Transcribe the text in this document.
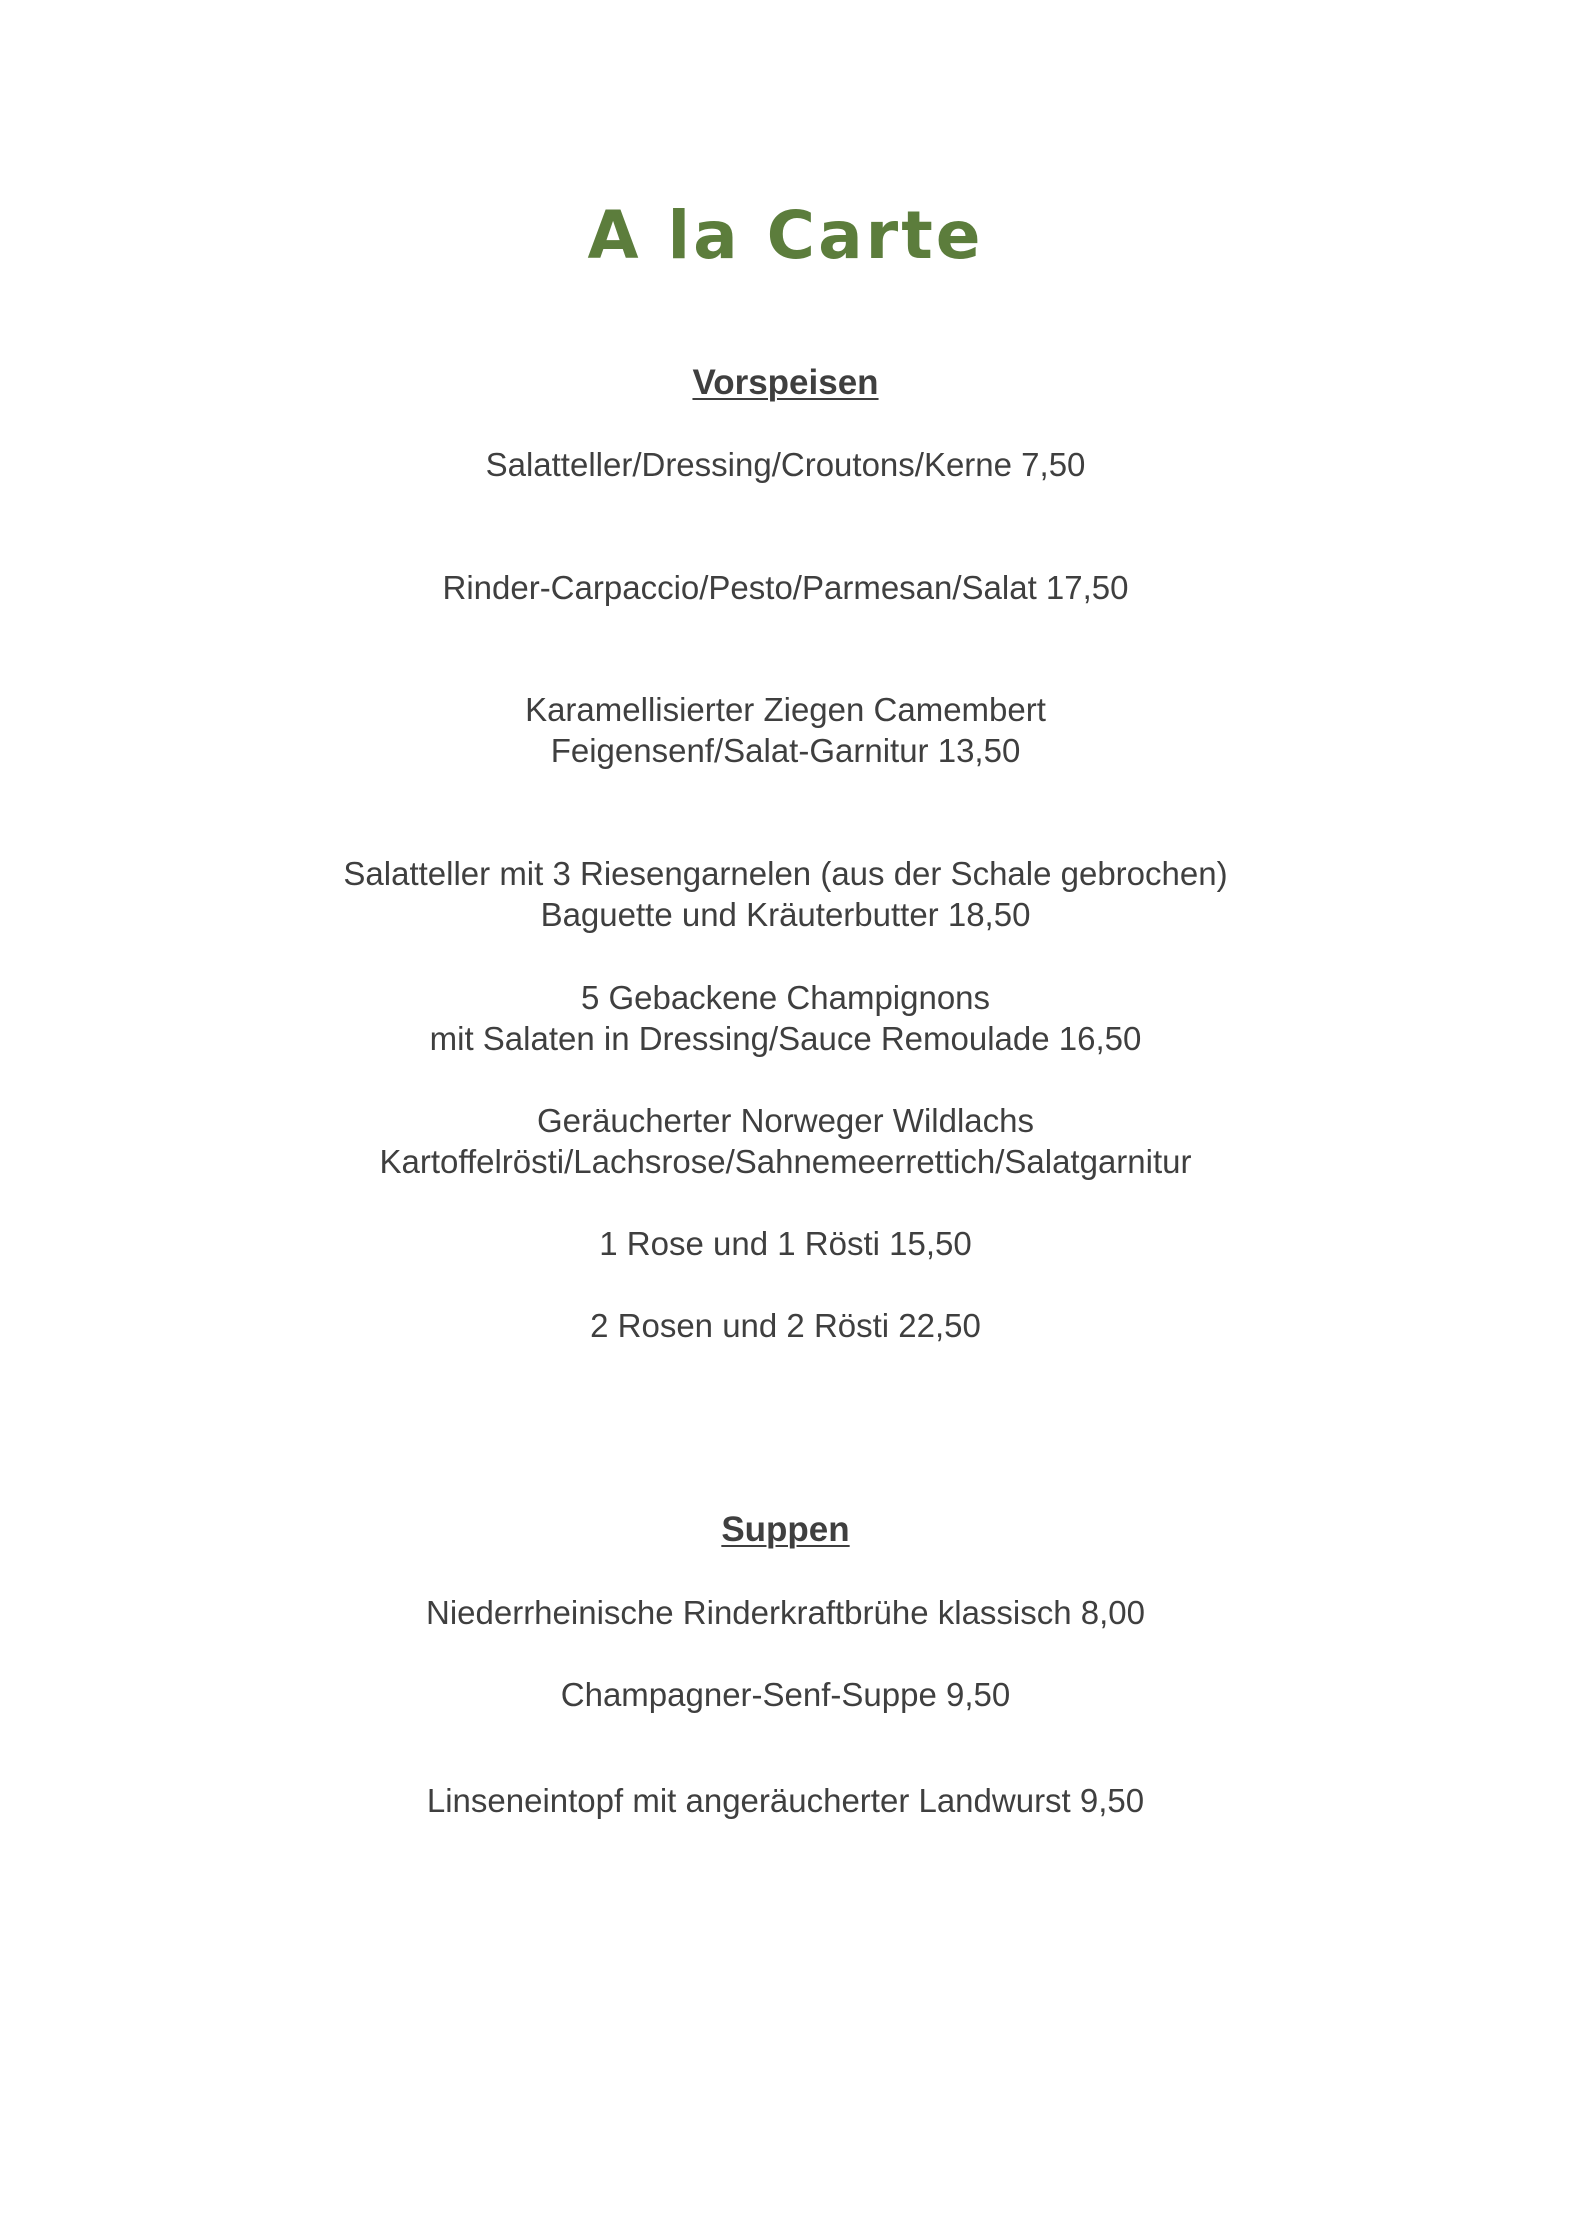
A la Carte
Vorspeisen
Salatteller/Dressing/Croutons/Kerne 7,50
Rinder-Carpaccio/Pesto/Parmesan/Salat 17,50
Karamellisierter Ziegen Camembert
Feigensenf/Salat-Garnitur 13,50
Salatteller mit 3 Riesengarnelen (aus der Schale gebrochen)
Baguette und Kräuterbutter 18,50
5 Gebackene Champignons
mit Salaten in Dressing/Sauce Remoulade 16,50
Geräucherter Norweger Wildlachs
Kartoffelrösti/Lachsrose/Sahnemeerrettich/Salatgarnitur
1 Rose und 1 Rösti 15,50
2 Rosen und 2 Rösti 22,50
Suppen
Niederrheinische Rinderkraftbrühe klassisch 8,00
Champagner-Senf-Suppe 9,50
Linseneintopf mit angeräucherter Landwurst 9,50
